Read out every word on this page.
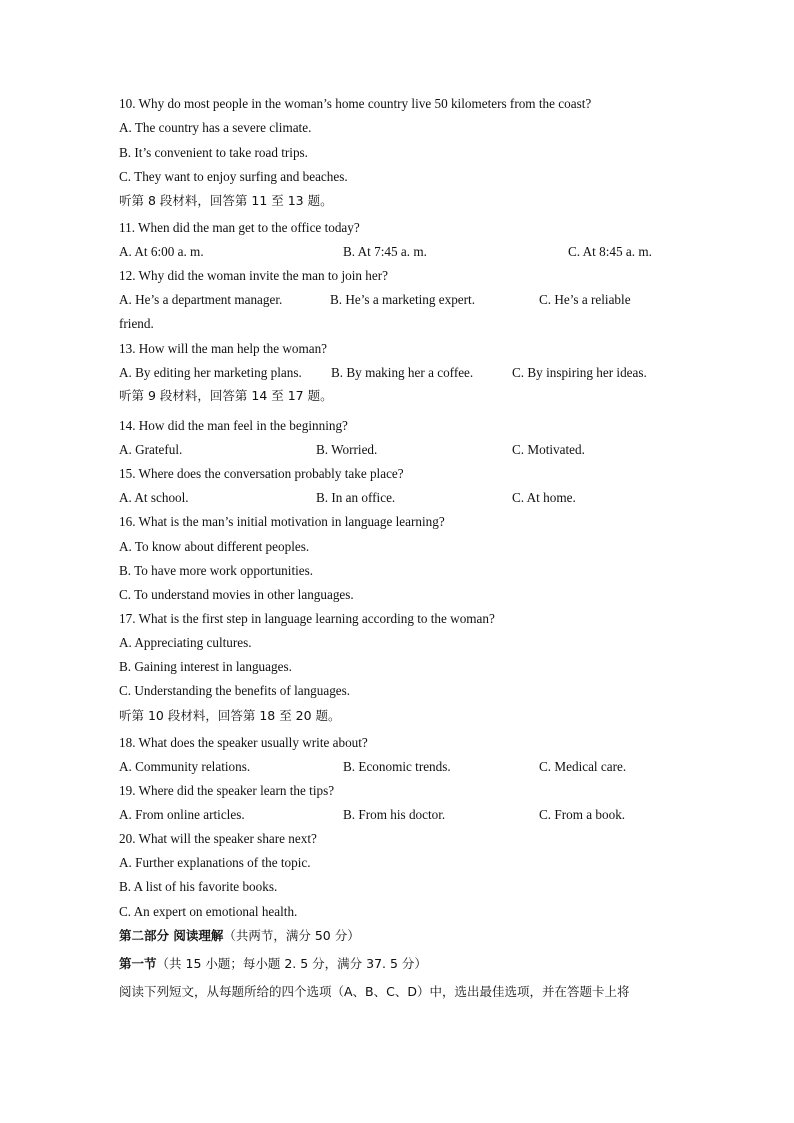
10. Why do most people in the woman’s home country live 50 kilometers from the coast?
A. The country has a severe climate.
B. It’s convenient to take road trips.
C. They want to enjoy surfing and beaches.
听第 8 段材料，回答第 11 至 13 题。
11. When did the man get to the office today?
A. At 6:00 a. m.	B. At 7:45 a. m.	C. At 8:45 a. m.
12. Why did the woman invite the man to join her?
A. He’s a department manager.	B. He’s a marketing expert.	C. He’s a reliable
friend.
13. How will the man help the woman?
A. By editing her marketing plans. B. By making her a coffee.	C. By inspiring her ideas.
听第 9 段材料，回答第 14 至 17 题。
14. How did the man feel in the beginning?
A. Grateful.	B. Worried.	C. Motivated.
15. Where does the conversation probably take place?
A. At school.	B. In an office.	C. At home.
16. What is the man’s initial motivation in language learning?
A. To know about different peoples.
B. To have more work opportunities.
C. To understand movies in other languages.
17. What is the first step in language learning according to the woman?
A. Appreciating cultures.
B. Gaining interest in languages.
C. Understanding the benefits of languages.
听第 10 段材料，回答第 18 至 20 题。
18. What does the speaker usually write about?
A. Community relations.	B. Economic trends.	C. Medical care.
19. Where did the speaker learn the tips?
A. From online articles.	B. From his doctor.	C. From a book.
20. What will the speaker share next?
A. Further explanations of the topic.
B. A list of his favorite books.
C. An expert on emotional health.
第二部分 阅读理解（共两节，满分 50 分）
第一节（共 15 小题；每小题 2. 5 分，满分 37. 5 分）
阅读下列短文，从每题所给的四个选项（A、B、C、D）中，选出最佳选项，并在答题卡上将
